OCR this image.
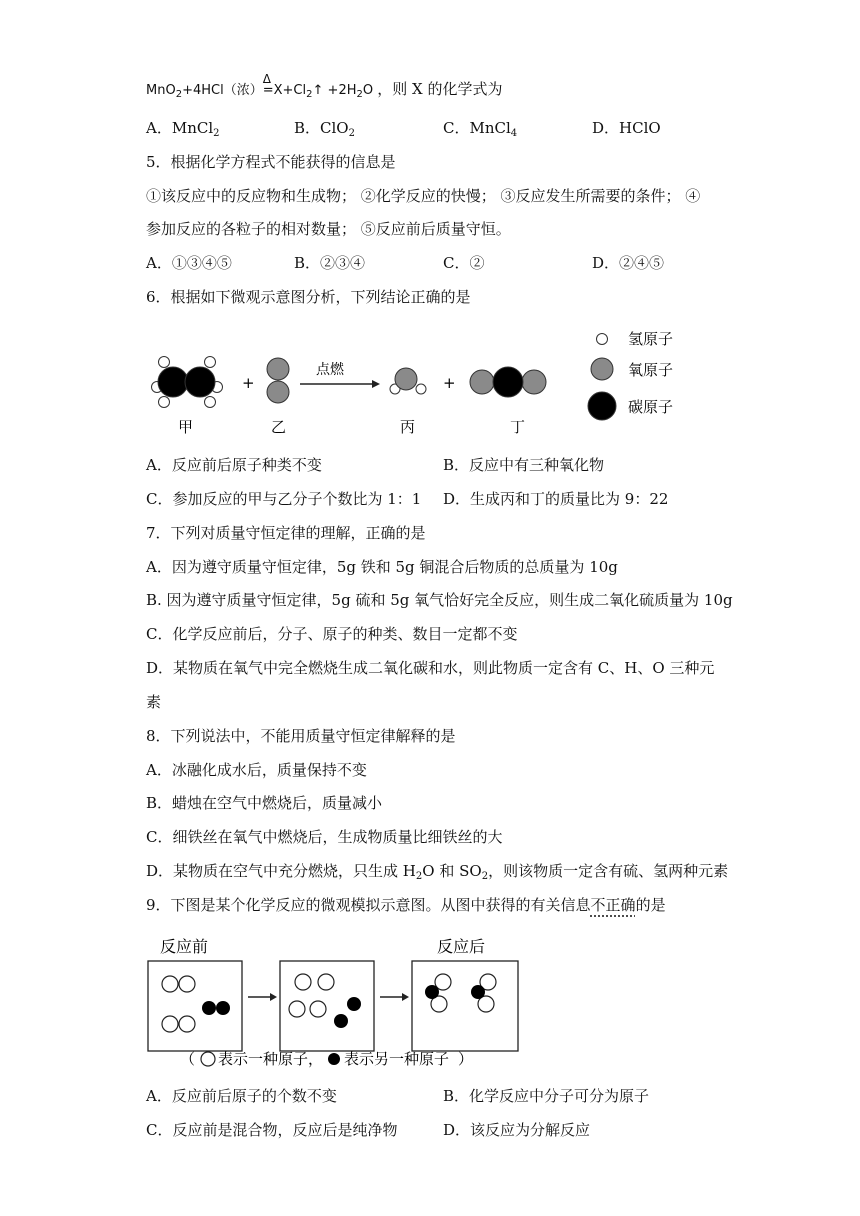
MnO$_2$+4HCl（浓）
Δ
$=X+Cl_2↑ +2H_2O$ ，则 X 的化学式为
A．MnCl$_2$	B．ClO$_2$	C．MnCl$_4$	D．HClO
5．根据化学方程式不能获得的信息是
①该反应中的反应物和生成物； ②化学反应的快慢； ③反应发生所需要的条件； ④
参加反应的各粒子的相对数量； ⑤反应前后质量守恒。
A．①③④⑤	B．②③④	C．②	D．②④⑤
6．根据如下微观示意图分析，下列结论正确的是
+
点燃
+
甲	乙	丙	丁
氢原子
氧原子
碳原子
A．反应前后原子种类不变	B．反应中有三种氧化物
C．参加反应的甲与乙分子个数比为 1：1 D．生成丙和丁的质量比为 9：22
7．下列对质量守恒定律的理解，正确的是
A．因为遵守质量守恒定律，5g 铁和 5g 铜混合后物质的总质量为 10g
B. 因为遵守质量守恒定律，5g 硫和 5g 氧气恰好完全反应，则生成二氧化硫质量为 10g
C．化学反应前后，分子、原子的种类、数目一定都不变
D．某物质在氧气中完全燃烧生成二氧化碳和水，则此物质一定含有 C、H、O 三种元
素
8．下列说法中，不能用质量守恒定律解释的是
A．冰融化成水后，质量保持不变
B．蜡烛在空气中燃烧后，质量减小
C．细铁丝在氧气中燃烧后，生成物质量比细铁丝的大
D．某物质在空气中充分燃烧，只生成 $H_2O$ 和 $SO_2$，则该物质一定含有硫、氢两种元素
9．下图是某个化学反应的微观模拟示意图。从图中获得的有关信息不正确的是
反应前	反应后
（ 表示一种原子， 表示另一种原子 ）
A．反应前后原子的个数不变	B．化学反应中分子可分为原子
C．反应前是混合物，反应后是纯净物	D．该反应为分解反应
